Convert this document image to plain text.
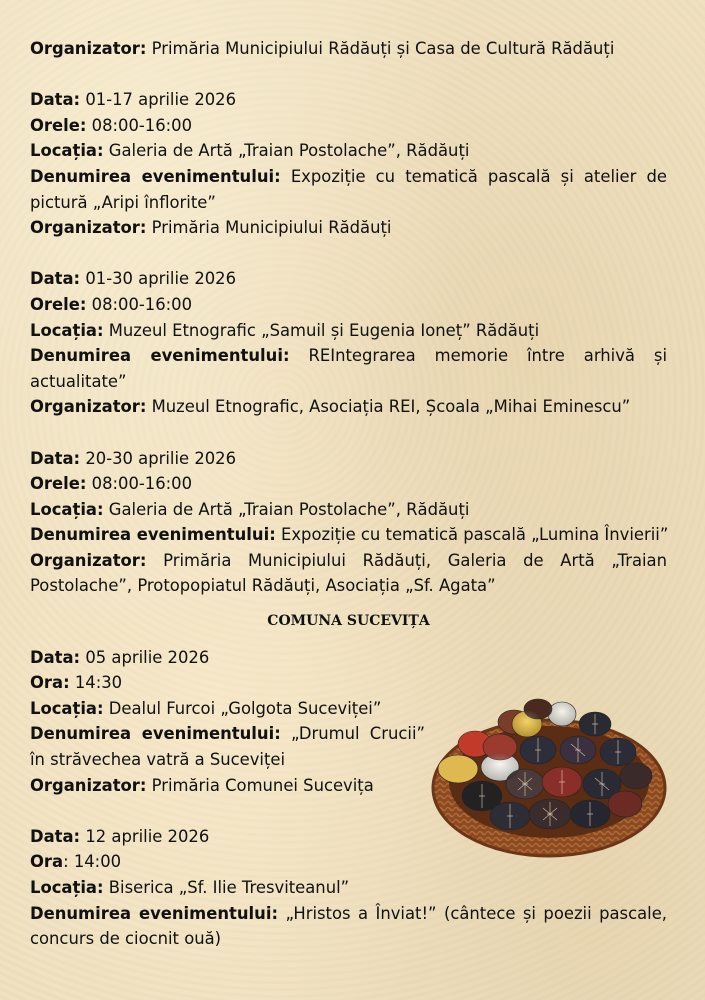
Organizator: Primăria Municipiului Rădăuți și Casa de Cultură Rădăuți

Data: 01-17 aprilie 2026

Orele: 08:00-16:00

Locația: Galeria de Artă „Traian Postolache”, Rădăuți

Denumirea evenimentului: Expoziție cu tematică pascală și atelier de pictură „Aripi înflorite”

Organizator: Primăria Municipiului Rădăuți

Data: 01-30 aprilie 2026

Orele: 08:00-16:00

Locația: Muzeul Etnografic „Samuil și Eugenia Ioneț” Rădăuți

Denumirea evenimentului: REIntegrarea memorie între arhivă și actualitate”

Organizator: Muzeul Etnografic, Asociația REI, Școala „Mihai Eminescu”

Data: 20-30 aprilie 2026

Orele: 08:00-16:00

Locația: Galeria de Artă „Traian Postolache”, Rădăuți

Denumirea evenimentului: Expoziție cu tematică pascală „Lumina Învierii”

Organizator: Primăria Municipiului Rădăuți, Galeria de Artă „Traian Postolache”, Protopopiatul Rădăuți, Asociația „Sf. Agata”

COMUNA SUCEVIȚA

Data: 05 aprilie 2026

Ora: 14:30

Locația: Dealul Furcoi „Golgota Suceviței”

Denumirea evenimentului: „Drumul Crucii” în străvechea vatră a Suceviței

Organizator: Primăria Comunei Sucevița

Data: 12 aprilie 2026

Ora: 14:00

Locația: Biserica „Sf. Ilie Tresviteanul”

Denumirea evenimentului: „Hristos a Înviat!” (cântece și poezii pascale, concurs de ciocnit ouă)
